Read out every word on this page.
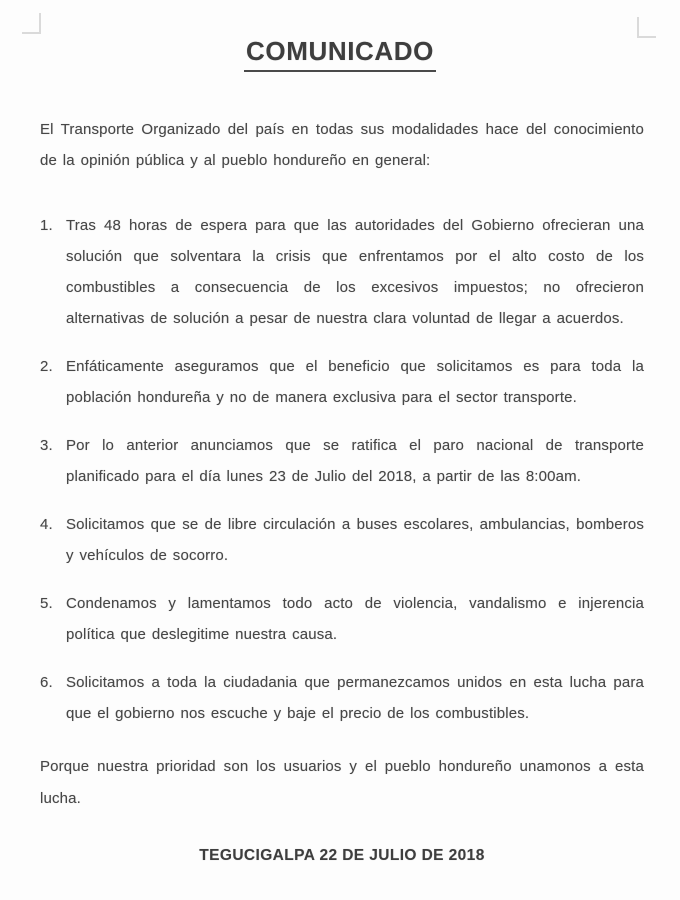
COMUNICADO

El Transporte Organizado del país en todas sus modalidades hace del conocimiento de la opinión pública y al pueblo hondureño en general:

1. Tras 48 horas de espera para que las autoridades del Gobierno ofrecieran una solución que solventara la crisis que enfrentamos por el alto costo de los combustibles a consecuencia de los excesivos impuestos; no ofrecieron alternativas de solución a pesar de nuestra clara voluntad de llegar a acuerdos.
2. Enfáticamente aseguramos que el beneficio que solicitamos es para toda la población hondureña y no de manera exclusiva para el sector transporte.
3. Por lo anterior anunciamos que se ratifica el paro nacional de transporte planificado para el día lunes 23 de Julio del 2018, a partir de las 8:00am.
4. Solicitamos que se de libre circulación a buses escolares, ambulancias, bomberos y vehículos de socorro.
5. Condenamos y lamentamos todo acto de violencia, vandalismo e injerencia política que deslegitime nuestra causa.
6. Solicitamos a toda la ciudadania que permanezcamos unidos en esta lucha para que el gobierno nos escuche y baje el precio de los combustibles.

Porque nuestra prioridad son los usuarios y el pueblo hondureño unamonos a esta lucha.

TEGUCIGALPA 22 DE JULIO DE 2018
